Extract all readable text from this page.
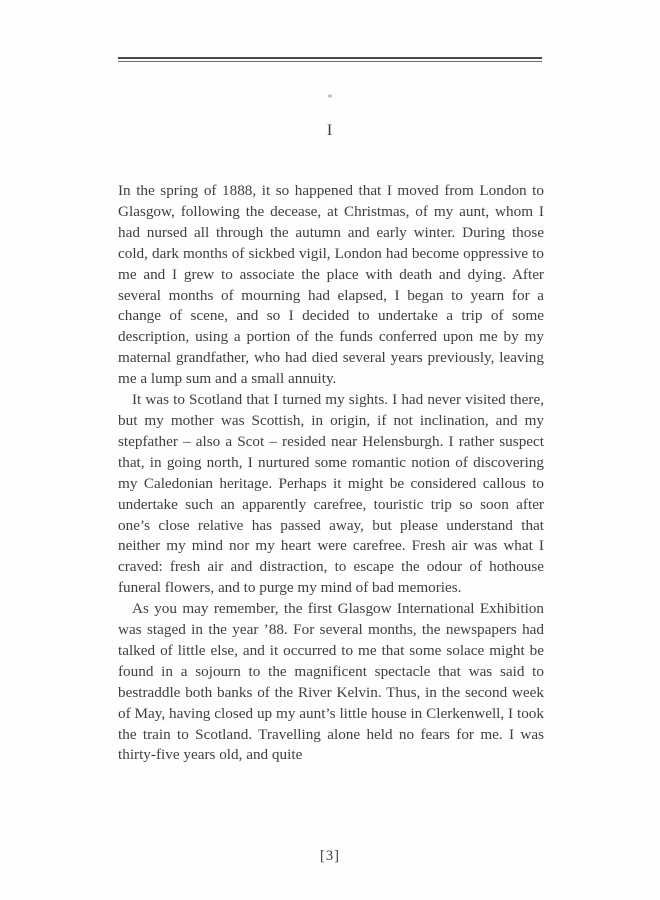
*
I

In the spring of 1888, it so happened that I moved from London to Glasgow, following the decease, at Christmas, of my aunt, whom I had nursed all through the autumn and early winter. During those cold, dark months of sickbed vigil, London had become oppressive to me and I grew to associate the place with death and dying. After several months of mourning had elapsed, I began to yearn for a change of scene, and so I decided to undertake a trip of some description, using a portion of the funds conferred upon me by my maternal grandfather, who had died several years previously, leaving me a lump sum and a small annuity.

It was to Scotland that I turned my sights. I had never visited there, but my mother was Scottish, in origin, if not inclination, and my stepfather – also a Scot – resided near Helensburgh. I rather suspect that, in going north, I nurtured some romantic notion of discovering my Caledonian heritage. Perhaps it might be considered callous to undertake such an apparently carefree, touristic trip so soon after one’s close relative has passed away, but please understand that neither my mind nor my heart were carefree. Fresh air was what I craved: fresh air and distraction, to escape the odour of hothouse funeral flowers, and to purge my mind of bad memories.

As you may remember, the first Glasgow International Exhibition was staged in the year ’88. For several months, the newspapers had talked of little else, and it occurred to me that some solace might be found in a sojourn to the magnificent spectacle that was said to bestraddle both banks of the River Kelvin. Thus, in the second week of May, having closed up my aunt’s little house in Clerkenwell, I took the train to Scotland. Travelling alone held no fears for me. I was thirty-five years old, and quite

[3]
